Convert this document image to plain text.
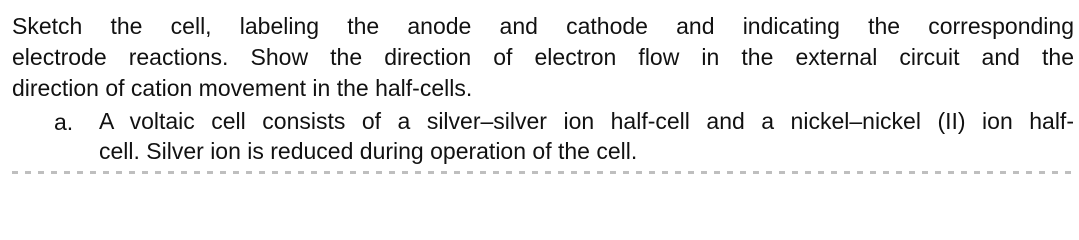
Sketch the cell, labeling the anode and cathode and indicating the corresponding

electrode reactions. Show the direction of electron flow in the external circuit and the

direction of cation movement in the half-cells.

a. A voltaic cell consists of a silver–silver ion half-cell and a nickel–nickel (II) ion half-

cell. Silver ion is reduced during operation of the cell.
